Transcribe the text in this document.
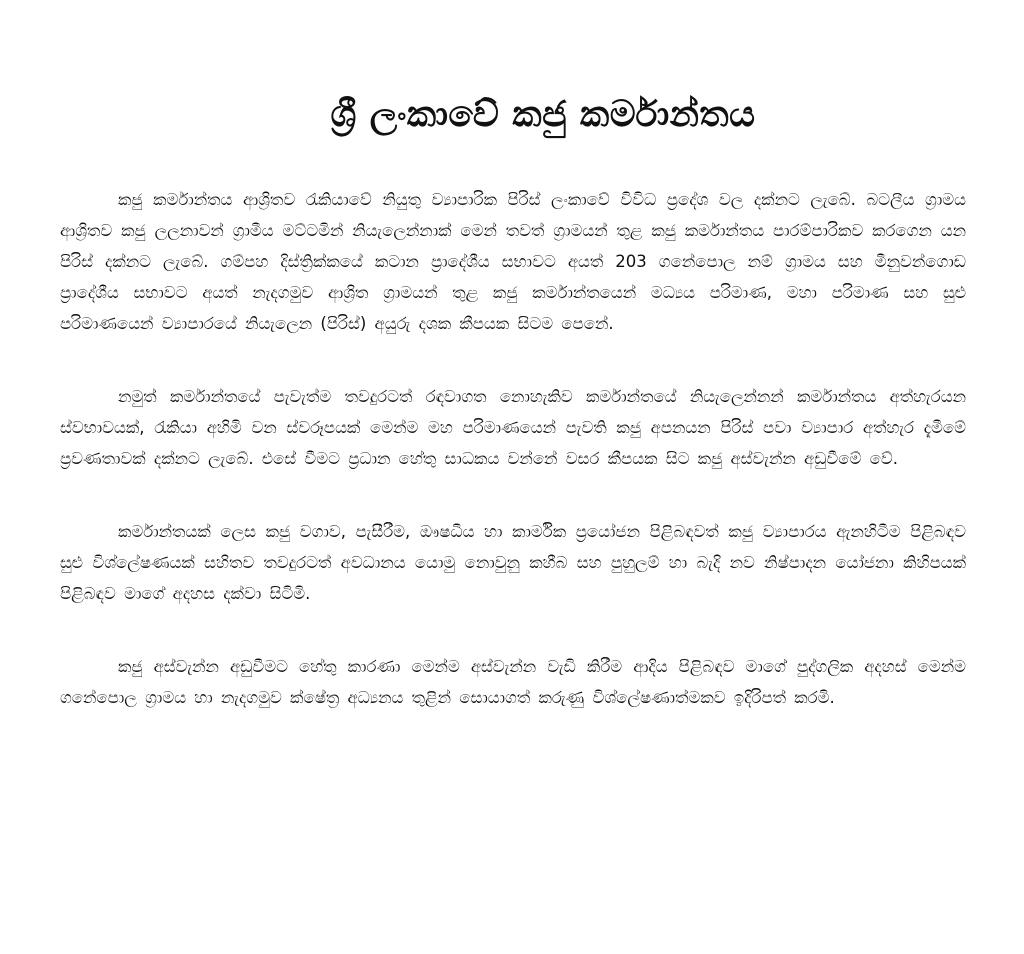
ශ්‍රී ලංකාවේ කජු කර්මාන්තය

කජු කර්මාන්තය ආශ්‍රිතව රැකියාවේ නියුතු ව්‍යාපාරික පිරිස් ලංකාවේ විවිධ ප්‍රදේශ වල දක්නට ලැබේ. බටලීය ග්‍රාමය ආශ්‍රිතව කජු ලලනාවන් ග්‍රාමීය මට්ටමින් නියැලෙන්නාක් මෙන් තවත් ග්‍රාමයන් තුළ කජු කර්මාන්තය පාරම්පාරිකව කරගෙන යන පිරිස් දක්නට ලැබේ. ගම්පහ දිස්ත්‍රික්කයේ කටාන ප්‍රාදේශීය සභාවට අයත් 203 ගනේපොල නම් ග්‍රාමය සහ මීනුවන්ගොඩ ප්‍රාදේශීය සභාවට අයත් නැදගමුව ආශ්‍රිත ග්‍රාමයන් තුළ කජු කර්මාන්තයෙන් මධ්‍යය පරිමාණ, මහා පරිමාණ සහ සුළු පරිමාණයෙන් ව්‍යාපාරයේ නියැලෙන (පිරිස්) අයුරු දශක කීපයක සිටම පෙනේ.

නමුත් කර්මාන්තයේ පැවැත්ම තවදුරටත් රඳවාගත නොහැකිව කර්මාන්තයේ නියැලෙන්නන් කර්මාන්තය අත්හැරයන ස්වභාවයක්, රැකියා අහිමි වන ස්වරූපයක් මෙන්ම මහ පරිමාණයෙන් පැවති කජු අපනයන පිරිස් පවා ව්‍යාපාර අත්හැර දැමීමේ ප්‍රවණතාවක් දක්නට ලැබේ. එසේ වීමට ප්‍රධාන හේතු සාධකය වන්නේ වසර කීපයක සිට කජු අස්වැන්න අඩුවීමේ වේ.

කර්මාන්තයක් ලෙස කජු වගාව, පැසීරීම, ඖෂධීය හා කාර්මික ප්‍රයෝජන පිළිබඳවත් කජු ව්‍යාපාරය ඇනහිටීම පිළිබඳව සුළු විශ්ලේෂණයක් සහිතව තවදුරටත් අවධානය යොමු නොවුනු කහීබ සහ පුහුලම් හා බැදි නව නිෂ්පාදන යෝජනා කිහිපයක් පිළිබඳව මාගේ අදහස දක්වා සිටිමි.

කජු අස්වැන්න අඩුවීමට හේතු කාරණා මෙන්ම අස්වැන්න වැඩි කිරීම ආදිය පිළිබඳව මාගේ පුද්ගලික අදහස් මෙන්ම ගනේපොල ග්‍රාමය හා නැදගමුව ක්ෂේත්‍ර අධ්‍යනය තුළින් සොයාගත් කරුණු විශ්ලේෂණාත්මකව ඉදිරිපත් කරමි.
